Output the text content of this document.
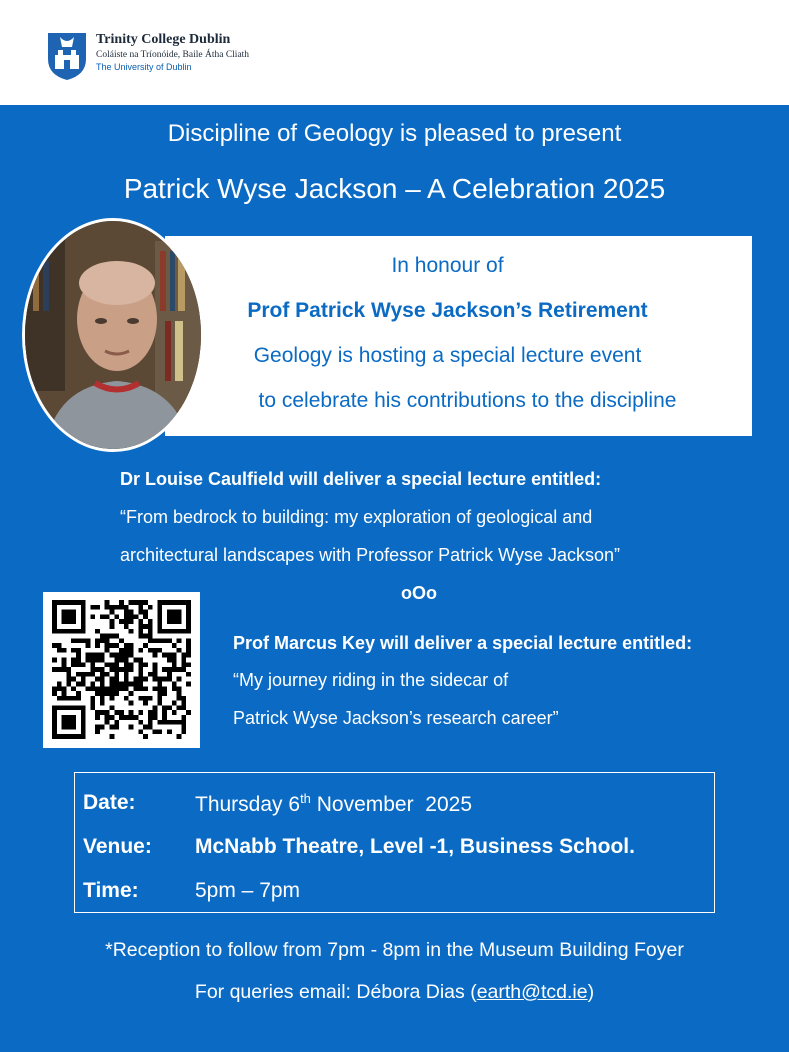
Trinity College Dublin
Coláiste na Tríonóide, Baile Átha Cliath
The University of Dublin
Discipline of Geology is pleased to present
Patrick Wyse Jackson – A Celebration 2025
In honour of
Prof Patrick Wyse Jackson’s Retirement
Geology is hosting a special lecture event
to celebrate his contributions to the discipline
Dr Louise Caulfield will deliver a special lecture entitled:
“From bedrock to building: my exploration of geological and
architectural landscapes with Professor Patrick Wyse Jackson”
oOo
Prof Marcus Key will deliver a special lecture entitled:
“My journey riding in the sidecar of
Patrick Wyse Jackson’s research career”
Date:	Thursday 6th November  2025
Venue: McNabb Theatre, Level -1, Business School.
Time:	5pm – 7pm
*Reception to follow from 7pm - 8pm in the Museum Building Foyer
For queries email: Débora Dias (earth@tcd.ie)
